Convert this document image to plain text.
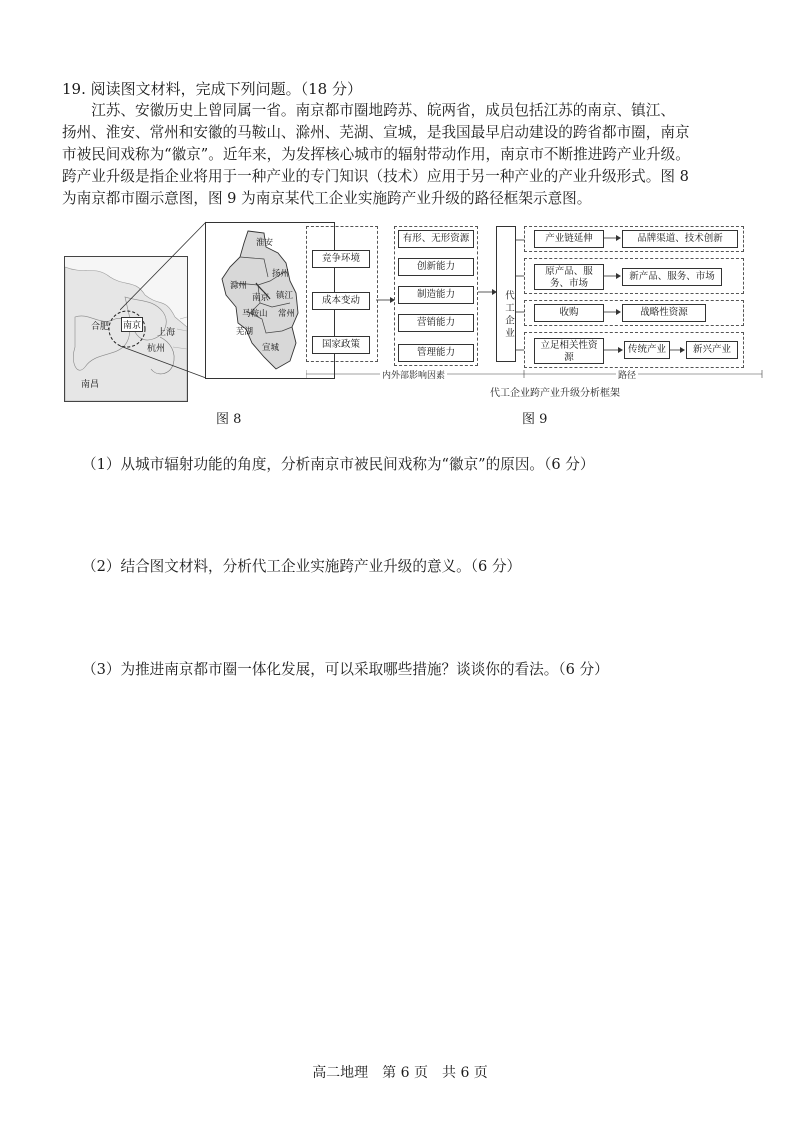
19. 阅读图文材料，完成下列问题。（18 分）

江苏、安徽历史上曾同属一省。南京都市圈地跨苏、皖两省，成员包括江苏的南京、镇江、

扬州、淮安、常州和安徽的马鞍山、滁州、芜湖、宣城，是我国最早启动建设的跨省都市圈，南京

市被民间戏称为“徽京”。近年来，为发挥核心城市的辐射带动作用，南京市不断推进跨产业升级。

跨产业升级是指企业将用于一种产业的专门知识（技术）应用于另一种产业的产业升级形式。图 8

为南京都市圈示意图，图 9 为南京某代工企业实施跨产业升级的路径框架示意图。

合肥 南京
上海
杭州
南昌
淮安
扬州
滁州
南京 镇江
马鞍山 常州
芜湖
宣城
图 8
竞争环境
成本变动
国家政策
有形、无形资源
创新能力
制造能力
营销能力
管理能力
代工企业
产业链延伸	品牌渠道、技术创新
原产品、服务、市场
新产品、服务、市场
收购	战略性资源
立足相关性资源
传统产业	新兴产业
内外部影响因素	路径
代工企业跨产业升级分析框架
图 9
（1）从城市辐射功能的角度，分析南京市被民间戏称为“徽京”的原因。（6 分）
（2）结合图文材料，分析代工企业实施跨产业升级的意义。（6 分）
（3）为推进南京都市圈一体化发展，可以采取哪些措施？谈谈你的看法。（6 分）
高二地理　第 6 页　共 6 页
